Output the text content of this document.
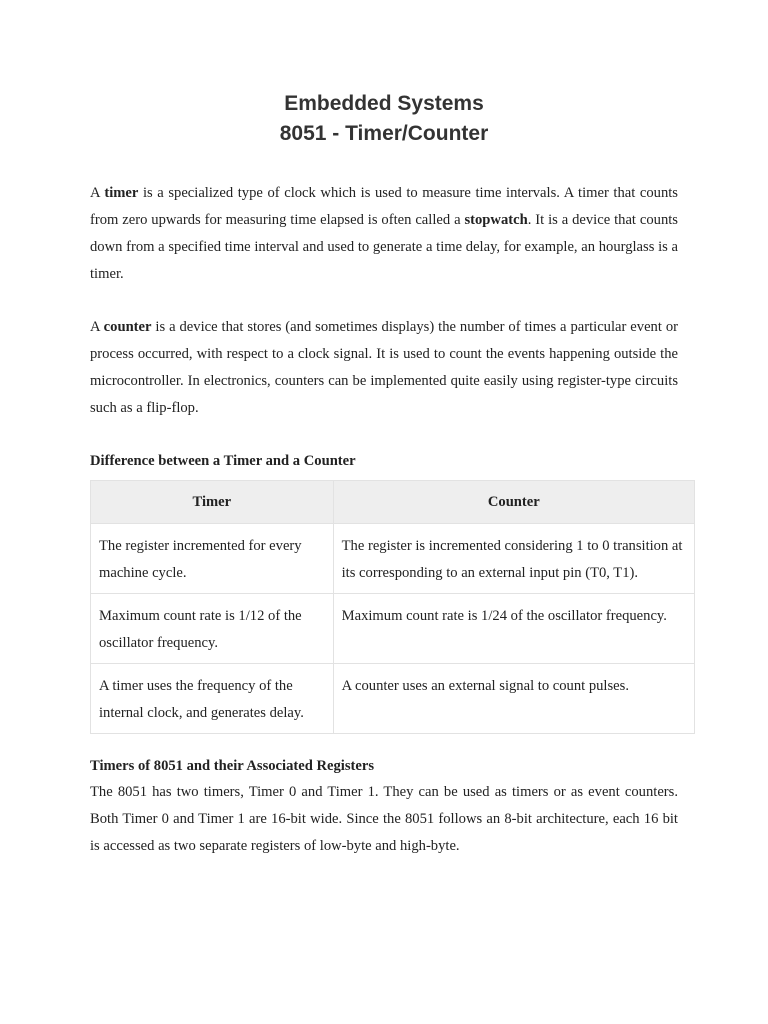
Embedded Systems
8051 - Timer/Counter

A timer is a specialized type of clock which is used to measure time intervals. A timer that counts from zero upwards for measuring time elapsed is often called a stopwatch. It is a device that counts down from a specified time interval and used to generate a time delay, for example, an hourglass is a timer.

A counter is a device that stores (and sometimes displays) the number of times a particular event or process occurred, with respect to a clock signal. It is used to count the events happening outside the microcontroller. In electronics, counters can be implemented quite easily using register-type circuits such as a flip-flop.

Difference between a Timer and a Counter
Timer	Counter
The register incremented for every machine cycle.	The register is incremented considering 1 to 0 transition at its corresponding to an external input pin (T0, T1).
Maximum count rate is 1/12 of the oscillator frequency.	Maximum count rate is 1/24 of the oscillator frequency.
A timer uses the frequency of the internal clock, and generates delay.	A counter uses an external signal to count pulses.
Timers of 8051 and their Associated Registers

The 8051 has two timers, Timer 0 and Timer 1. They can be used as timers or as event counters. Both Timer 0 and Timer 1 are 16-bit wide. Since the 8051 follows an 8-bit architecture, each 16 bit is accessed as two separate registers of low-byte and high-byte.
